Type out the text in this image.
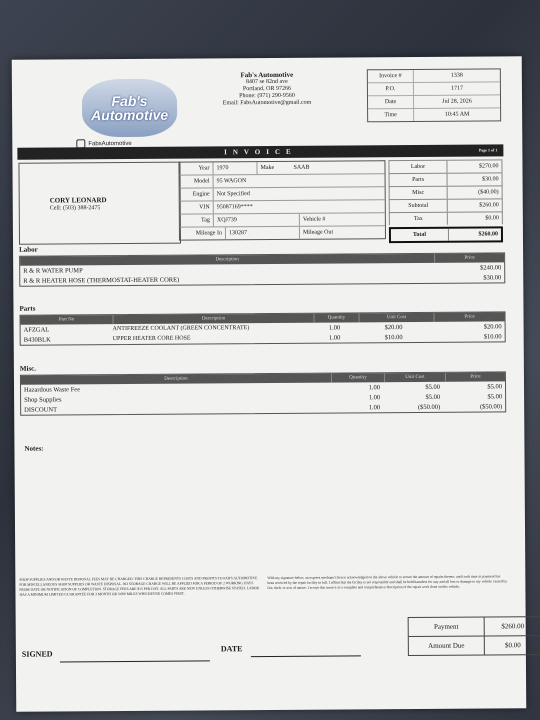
Fab's
Automotive
FabsAutomotive
Fab's Automotive
8407 se 82nd ave
Portland, OR 97266
Phone: (971) 290-9560
Email: FabsAutomotive@gmail.com
Invoice #	1338
P.O.	1717
Date	Jul 28, 2026
Time	10:45 AM
INVOICE	Page 1 of 1
CORY LEONARD
Cell: (503) 388-2475
Year	1970	Make	SAAB
Model	95 WAGON
Engine	Not Specified
VIN	95087169****
Tag	XQJ739	Vehicle #
Mileage In	130287	Mileage Out
Labor	$270.00
Parts	$30.00
Misc	($40.00)
Subtotal	$260.00
Tax	$0.00
Total	$260.00
Labor
Description	Price
R & R WATER PUMP	$240.00
R & R HEATER HOSE (THERMOSTAT-HEATER CORE)	$30.00
Parts
Part No	Description	Quantity	Unit Cost	Price
AFZGAL	ANTIFREEZE COOLANT (GREEN CONCENTRATE)	1.00	$20.00	$20.00
B430BLK	UPPER HEATER CORE HOSE	1.00	$10.00	$10.00
Misc.
Description	Quantity	Unit Cost	Price
Hazardous Waste Fee	1.00	$5.00	$5.00
Shop Supplies	1.00	$5.00	$5.00
DISCOUNT	1.00	($50.00)	($50.00)
Notes:
SHOP SUPPLIES AND/OR WASTE DISPOSAL FEES MAY BE CHARGED. THIS CHARGE REPRESENTS COSTS AND PROFITS TO FAB'S AUTOMOTIVE FOR MISCELLANEOUS SHOP SUPPLIES OR WASTE DISPOSAL. NO STORAGE CHARGE WILL BE APPLIED FOR A PERIOD OF 2 WORKING DAYS FROM DATE OR NOTIFICATION OF COMPLETION. STORAGE FEES ARE $15 PER DAY. ALL PARTS ARE NEW UNLESS OTHERWISE STATED. LABOR HAS A MINIMUM LIMITED GUARANTEE FOR 3 MONTH OR 3,000 MILES WHICHEVER COMES FIRST.
With my signature below, an express mechanics lien is acknowledged on the above vehicle to secure the amount of repairs thereto, until such time as payment has been received by the repair facility in full. I affirm that the facility is not responsible and shall be held harmless for any and all loss or damage to my vehicle caused by fire, theft, or acts of nature. I accept this invoice as a complete and comprehensive description of the repair work done on this vehicle.
Payment	$260.00
Amount Due	$0.00
SIGNED
DATE
